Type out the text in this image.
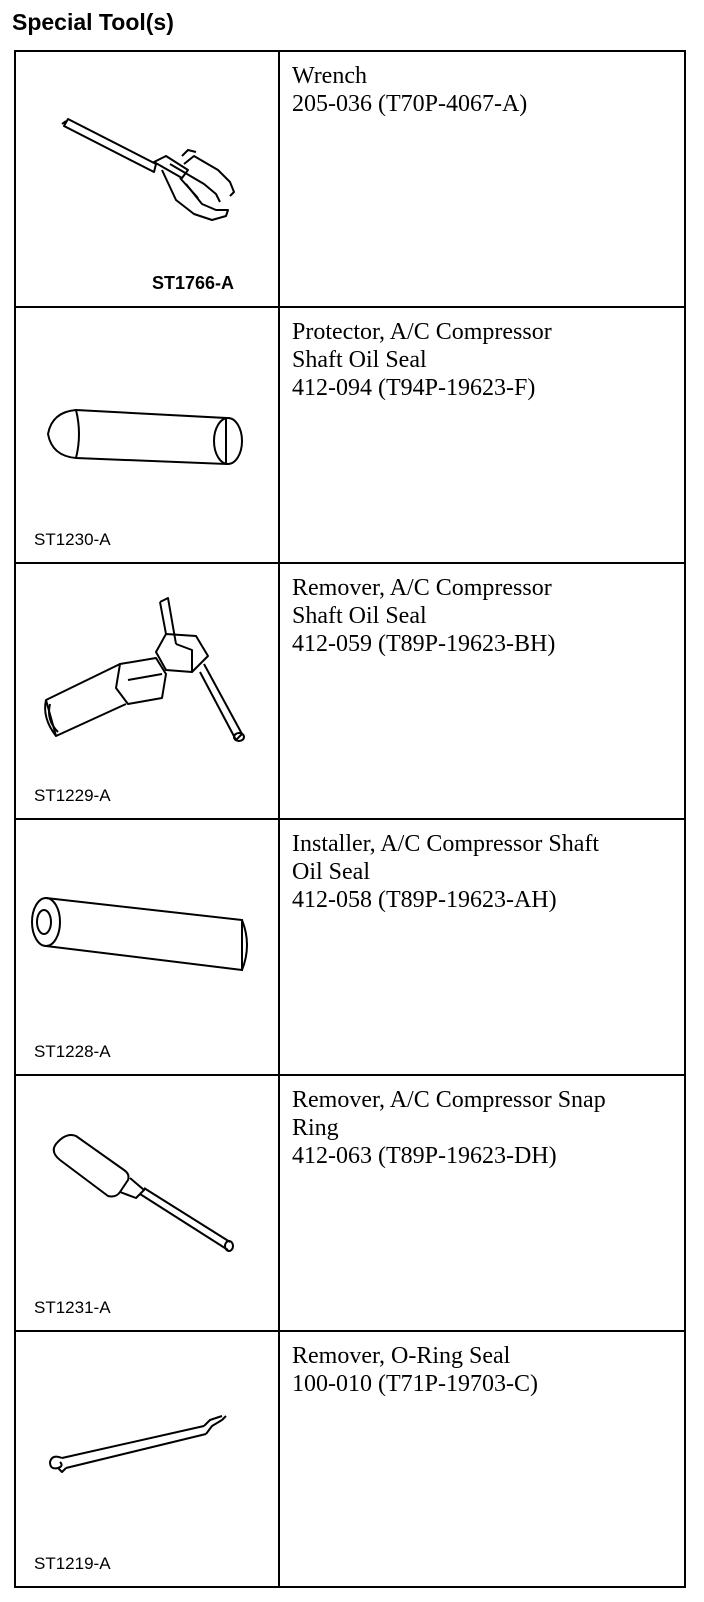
Special Tool(s)
ST1766-A	Wrench
205-036 (T70P-4067-A)

ST1230-A	Protector, A/C Compressor
Shaft Oil Seal
412-094 (T94P-19623-F)

ST1229-A	Remover, A/C Compressor
Shaft Oil Seal
412-059 (T89P-19623-BH)

ST1228-A	Installer, A/C Compressor Shaft
Oil Seal
412-058 (T89P-19623-AH)

ST1231-A	Remover, A/C Compressor Snap
Ring
412-063 (T89P-19623-DH)

ST1219-A	Remover, O-Ring Seal
100-010 (T71P-19703-C)
